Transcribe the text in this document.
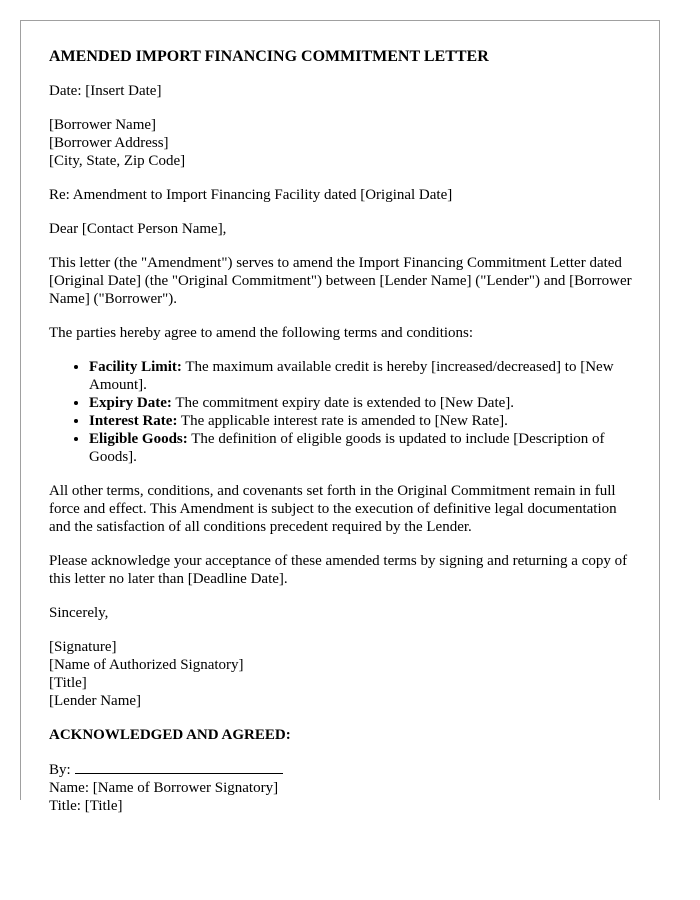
AMENDED IMPORT FINANCING COMMITMENT LETTER

Date: [Insert Date]

[Borrower Name]
[Borrower Address]
[City, State, Zip Code]

Re: Amendment to Import Financing Facility dated [Original Date]

Dear [Contact Person Name],

This letter (the "Amendment") serves to amend the Import Financing Commitment Letter dated [Original Date] (the "Original Commitment") between [Lender Name] ("Lender") and [Borrower Name] ("Borrower").

The parties hereby agree to amend the following terms and conditions:

• Facility Limit: The maximum available credit is hereby [increased/decreased] to [New Amount].
• Expiry Date: The commitment expiry date is extended to [New Date].
• Interest Rate: The applicable interest rate is amended to [New Rate].
• Eligible Goods: The definition of eligible goods is updated to include [Description of Goods].

All other terms, conditions, and covenants set forth in the Original Commitment remain in full force and effect. This Amendment is subject to the execution of definitive legal documentation and the satisfaction of all conditions precedent required by the Lender.

Please acknowledge your acceptance of these amended terms by signing and returning a copy of this letter no later than [Deadline Date].

Sincerely,

[Signature]
[Name of Authorized Signatory]
[Title]
[Lender Name]
ACKNOWLEDGED AND AGREED:
By:
Name: [Name of Borrower Signatory]
Title: [Title]
